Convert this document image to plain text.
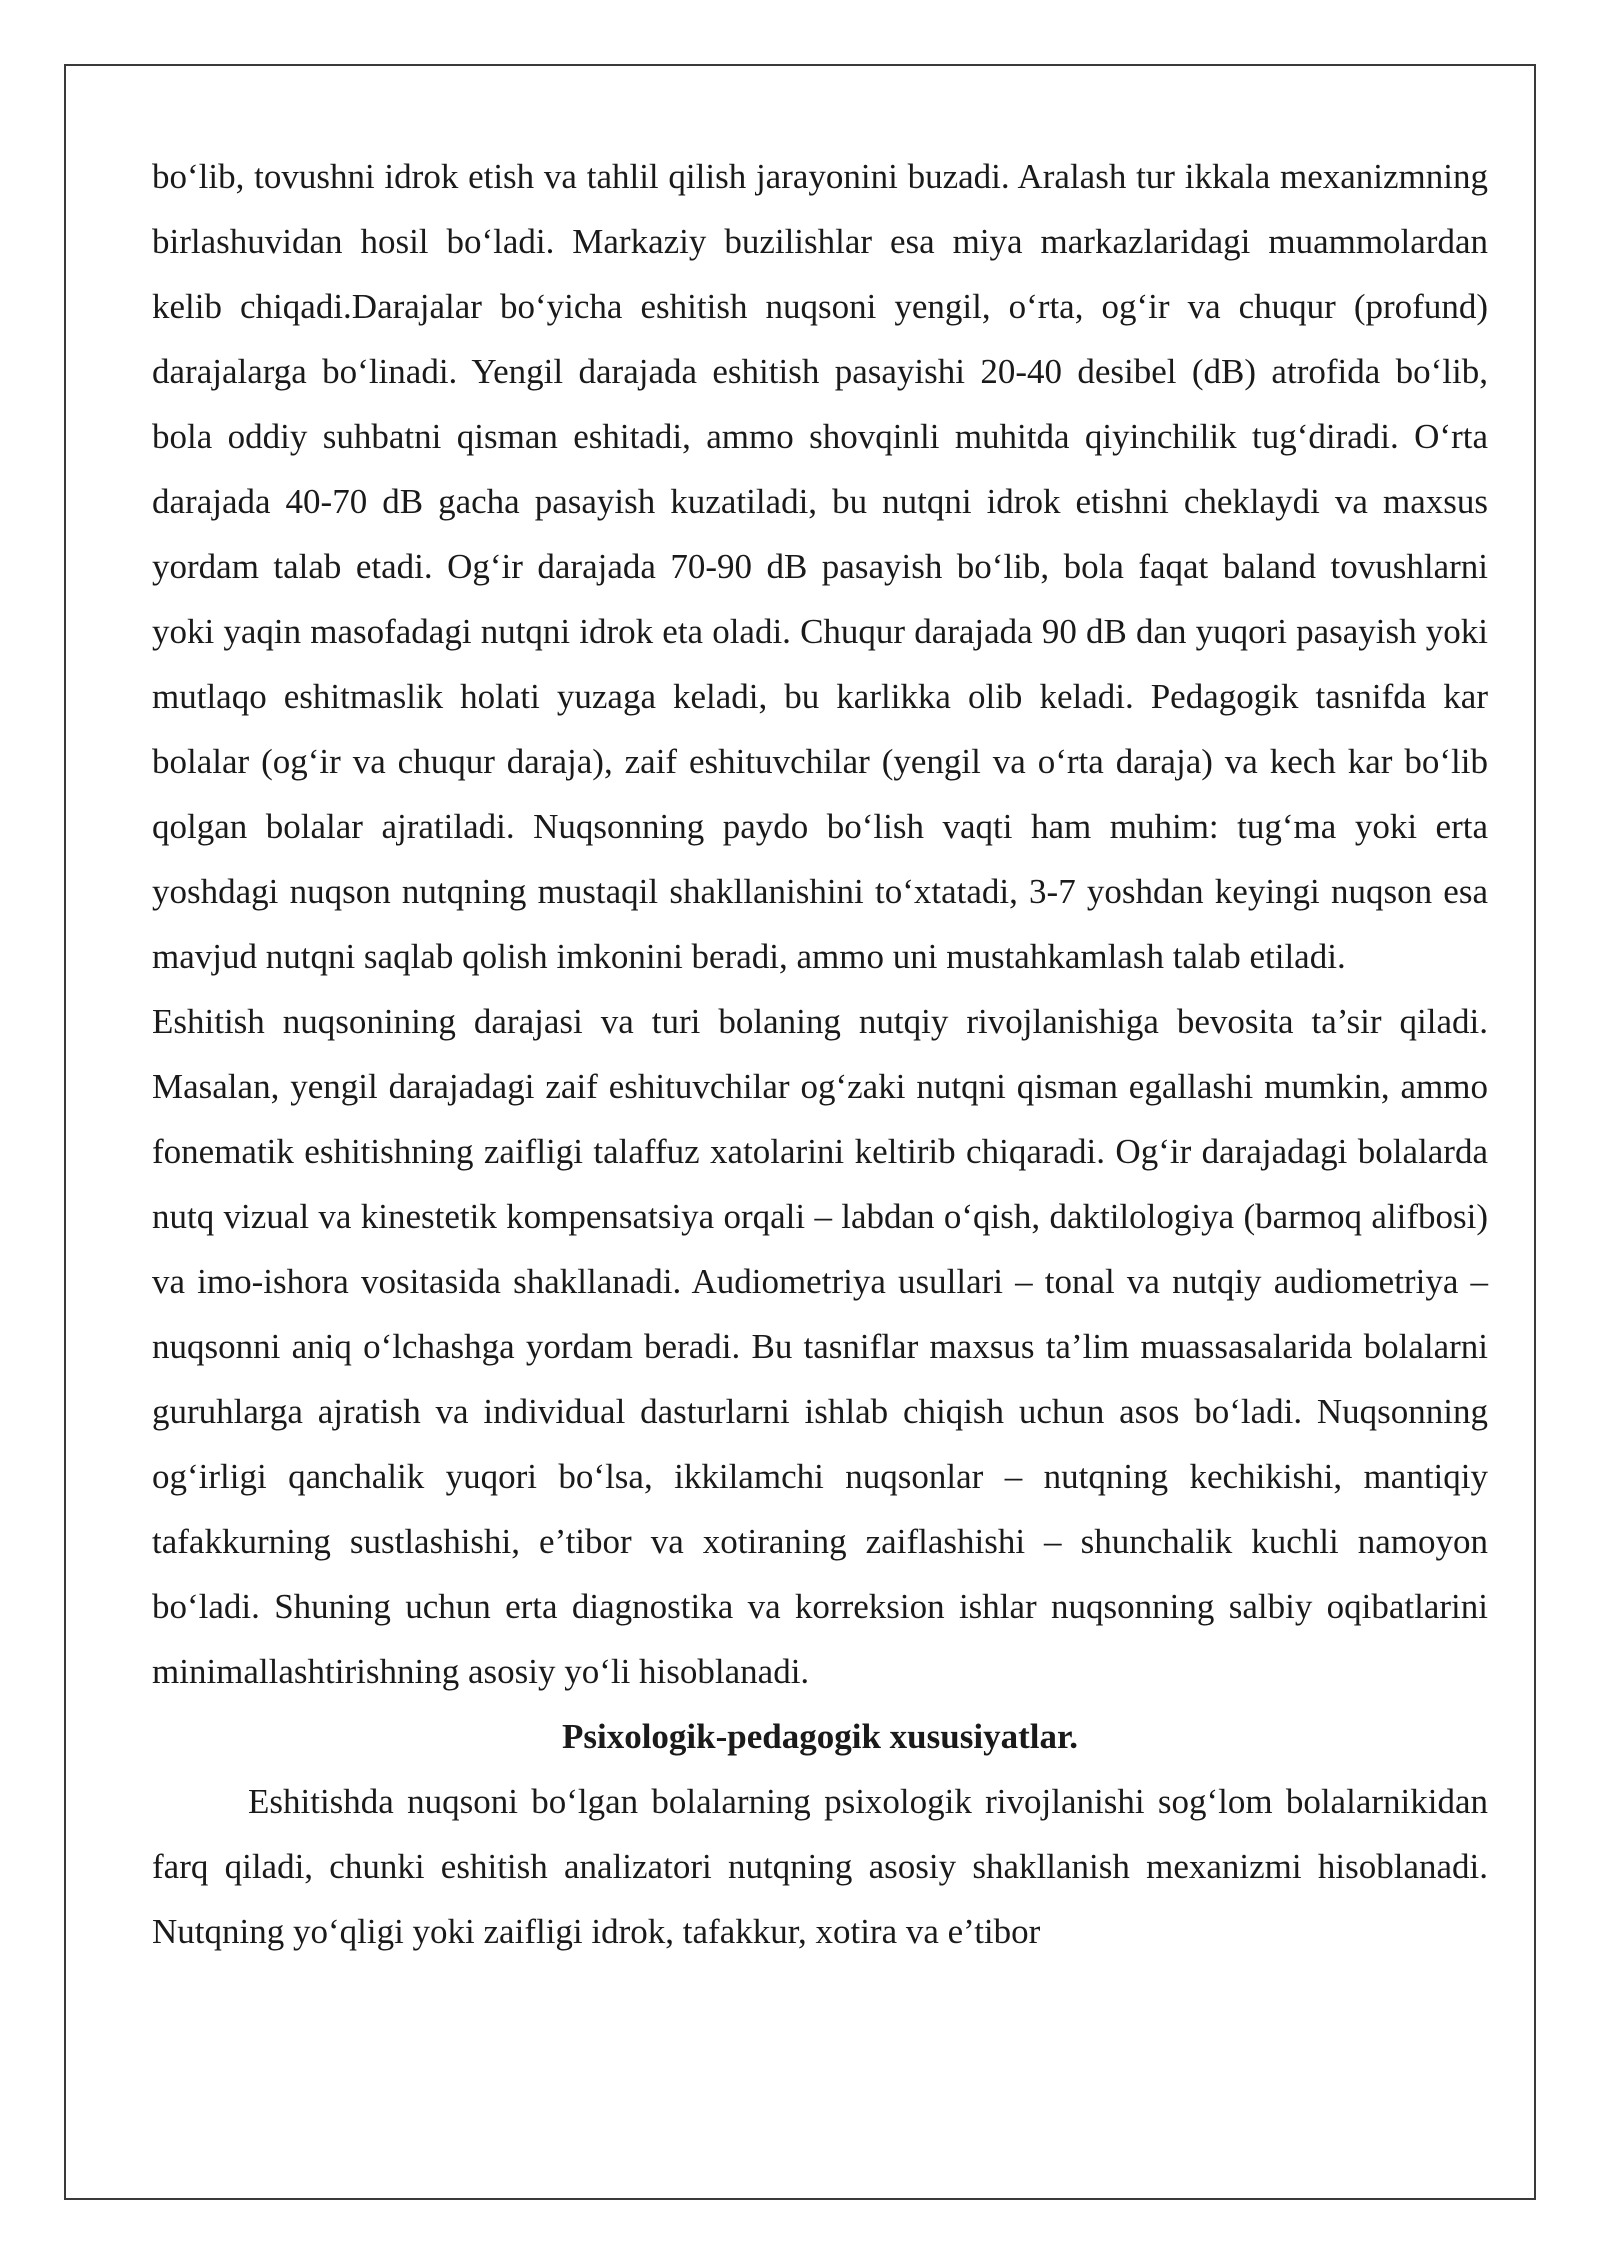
bo‘lib, tovushni idrok etish va tahlil qilish jarayonini buzadi. Aralash tur ikkala mexanizmning birlashuvidan hosil bo‘ladi. Markaziy buzilishlar esa miya markazlaridagi muammolardan kelib chiqadi.Darajalar bo‘yicha eshitish nuqsoni yengil, o‘rta, og‘ir va chuqur (profund) darajalarga bo‘linadi. Yengil darajada eshitish pasayishi 20-40 desibel (dB) atrofida bo‘lib, bola oddiy suhbatni qisman eshitadi, ammo shovqinli muhitda qiyinchilik tug‘diradi. O‘rta darajada 40-70 dB gacha pasayish kuzatiladi, bu nutqni idrok etishni cheklaydi va maxsus yordam talab etadi. Og‘ir darajada 70-90 dB pasayish bo‘lib, bola faqat baland tovushlarni yoki yaqin masofadagi nutqni idrok eta oladi. Chuqur darajada 90 dB dan yuqori pasayish yoki mutlaqo eshitmaslik holati yuzaga keladi, bu karlikka olib keladi. Pedagogik tasnifda kar bolalar (og‘ir va chuqur daraja), zaif eshituvchilar (yengil va o‘rta daraja) va kech kar bo‘lib qolgan bolalar ajratiladi. Nuqsonning paydo bo‘lish vaqti ham muhim: tug‘ma yoki erta yoshdagi nuqson nutqning mustaqil shakllanishini to‘xtatadi, 3-7 yoshdan keyingi nuqson esa mavjud nutqni saqlab qolish imkonini beradi, ammo uni mustahkamlash talab etiladi.

Eshitish nuqsonining darajasi va turi bolaning nutqiy rivojlanishiga bevosita ta’sir qiladi. Masalan, yengil darajadagi zaif eshituvchilar og‘zaki nutqni qisman egallashi mumkin, ammo fonematik eshitishning zaifligi talaffuz xatolarini keltirib chiqaradi. Og‘ir darajadagi bolalarda nutq vizual va kinestetik kompensatsiya orqali – labdan o‘qish, daktilologiya (barmoq alifbosi) va imo-ishora vositasida shakllanadi. Audiometriya usullari – tonal va nutqiy audiometriya – nuqsonni aniq o‘lchashga yordam beradi. Bu tasniflar maxsus ta’lim muassasalarida bolalarni guruhlarga ajratish va individual dasturlarni ishlab chiqish uchun asos bo‘ladi. Nuqsonning og‘irligi qanchalik yuqori bo‘lsa, ikkilamchi nuqsonlar – nutqning kechikishi, mantiqiy tafakkurning sustlashishi, e’tibor va xotiraning zaiflashishi – shunchalik kuchli namoyon bo‘ladi. Shuning uchun erta diagnostika va korreksion ishlar nuqsonning salbiy oqibatlarini minimallashtirishning asosiy yo‘li hisoblanadi.

Psixologik-pedagogik xususiyatlar.

Eshitishda nuqsoni bo‘lgan bolalarning psixologik rivojlanishi sog‘lom bolalarnikidan farq qiladi, chunki eshitish analizatori nutqning asosiy shakllanish mexanizmi hisoblanadi. Nutqning yo‘qligi yoki zaifligi idrok, tafakkur, xotira va e’tibor
